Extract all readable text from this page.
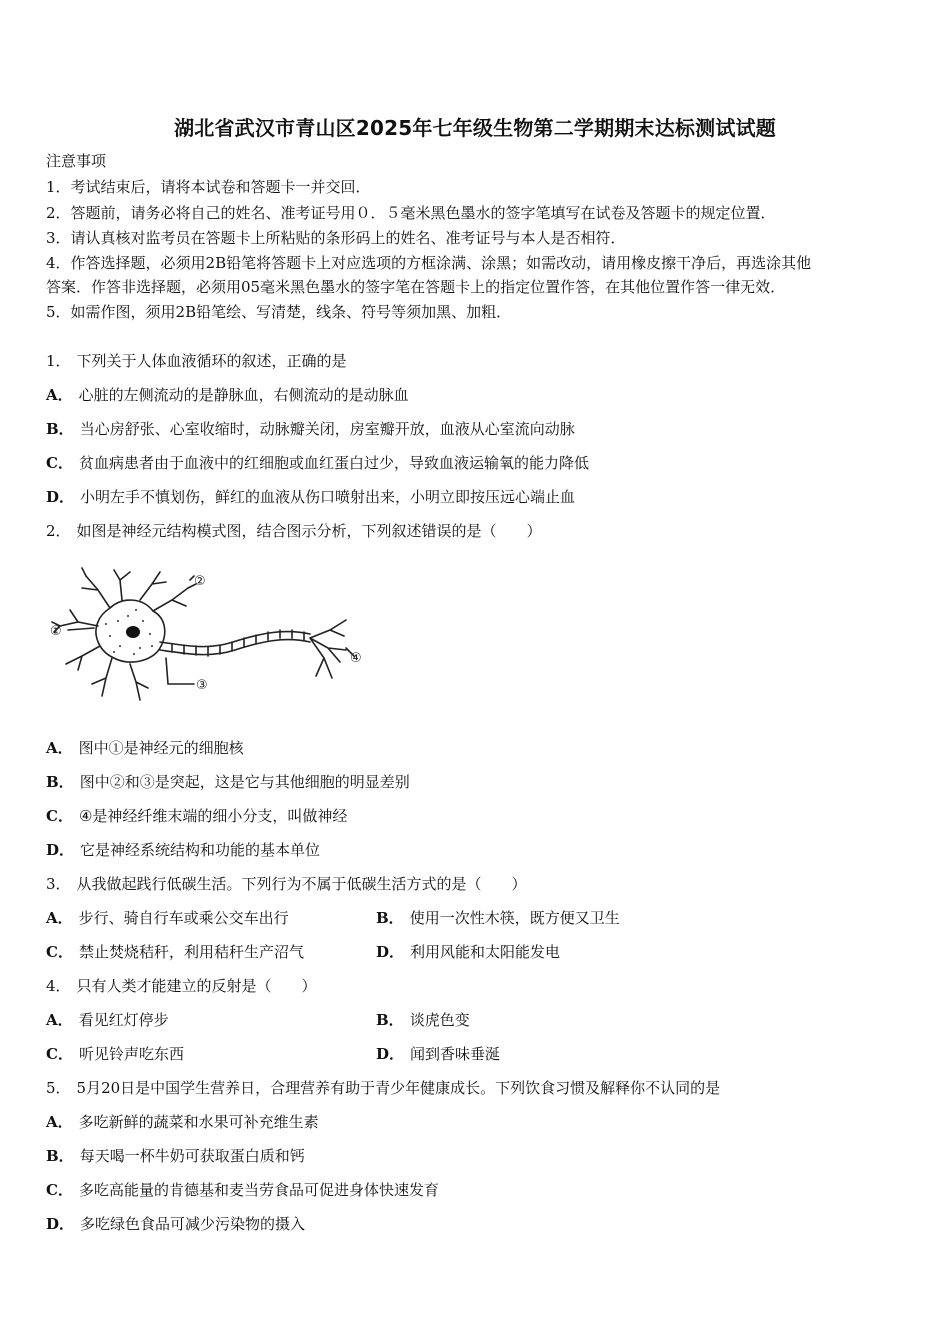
湖北省武汉市青山区2025年七年级生物第二学期期末达标测试试题
注意事项
1．考试结束后，请将本试卷和答题卡一并交回．
2．答题前，请务必将自己的姓名、准考证号用０．５毫米黑色墨水的签字笔填写在试卷及答题卡的规定位置．
3．请认真核对监考员在答题卡上所粘贴的条形码上的姓名、准考证号与本人是否相符．
4．作答选择题，必须用2B铅笔将答题卡上对应选项的方框涂满、涂黑；如需改动，请用橡皮擦干净后，再选涂其他
答案．作答非选择题，必须用05毫米黑色墨水的签字笔在答题卡上的指定位置作答，在其他位置作答一律无效．
5．如需作图，须用2B铅笔绘、写清楚，线条、符号等须加黑、加粗．
1． 下列关于人体血液循环的叙述，正确的是
A． 心脏的左侧流动的是静脉血，右侧流动的是动脉血
B． 当心房舒张、心室收缩时，动脉瓣关闭，房室瓣开放，血液从心室流向动脉
C． 贫血病患者由于血液中的红细胞或血红蛋白过少，导致血液运输氧的能力降低
D． 小明左手不慎划伤，鲜红的血液从伤口喷射出来，小明立即按压远心端止血
2． 如图是神经元结构模式图，结合图示分析，下列叙述错误的是（　　）
①
②
③
④
A． 图中①是神经元的细胞核
B． 图中②和③是突起，这是它与其他细胞的明显差别
C． ④是神经纤维末端的细小分支，叫做神经
D． 它是神经系统结构和功能的基本单位
3． 从我做起践行低碳生活。下列行为不属于低碳生活方式的是（　　）
A． 步行、骑自行车或乘公交车出行	B． 使用一次性木筷，既方便又卫生
C． 禁止焚烧秸秆，利用秸秆生产沼气	D． 利用风能和太阳能发电
4． 只有人类才能建立的反射是（　　）
A． 看见红灯停步	B． 谈虎色变
C． 听见铃声吃东西	D． 闻到香味垂涎
5． 5月20日是中国学生营养日，合理营养有助于青少年健康成长。下列饮食习惯及解释你不认同的是
A． 多吃新鲜的蔬菜和水果可补充维生素
B． 每天喝一杯牛奶可获取蛋白质和钙
C． 多吃高能量的肯德基和麦当劳食品可促进身体快速发育
D． 多吃绿色食品可减少污染物的摄入
